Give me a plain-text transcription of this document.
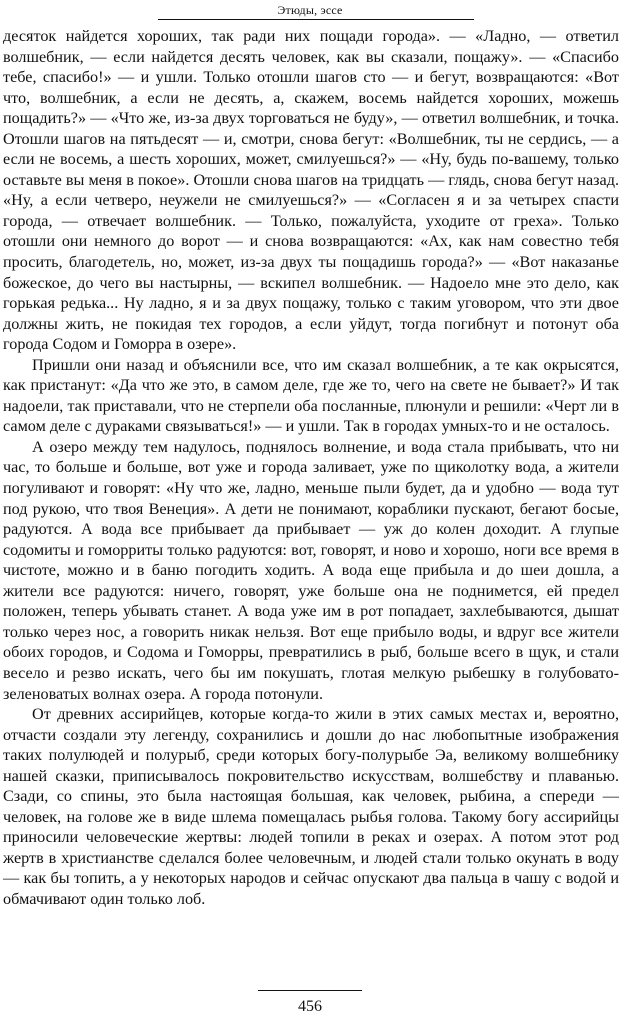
Этюды, эссе

десяток найдется хороших, так ради них пощади города». — «Ладно, — ответил волшебник, — если найдется десять человек, как вы сказали, пощажу». — «Спасибо тебе, спасибо!» — и ушли. Только отошли шагов сто — и бегут, возвращаются: «Вот что, волшебник, а если не десять, а, скажем, восемь найдется хороших, можешь пощадить?» — «Что же, из-за двух торговаться не буду», — ответил волшебник, и точка. Отошли шагов на пятьдесят — и, смотри, снова бегут: «Волшебник, ты не сердись, — а если не восемь, а шесть хороших, может, смилуешься?» — «Ну, будь по-вашему, только оставьте вы меня в покое». Отошли снова шагов на тридцать — глядь, снова бегут назад. «Ну, а если четверо, неужели не смилуешься?» — «Согласен я и за четырех спасти города, — отвечает волшебник. — Только, пожалуйста, уходите от греха». Только отошли они немного до ворот — и снова возвращаются: «Ах, как нам совестно тебя просить, благодетель, но, может, из-за двух ты пощадишь города?» — «Вот наказанье божеское, до чего вы настырны, — вскипел волшебник. — Надоело мне это дело, как горькая редька... Ну ладно, я и за двух пощажу, только с таким уговором, что эти двое должны жить, не покидая тех городов, а если уйдут, тогда погибнут и потонут оба города Содом и Гоморра в озере».

Пришли они назад и объяснили все, что им сказал волшебник, а те как окрысятся, как пристанут: «Да что же это, в самом деле, где же то, чего на свете не бывает?» И так надоели, так приставали, что не стерпели оба посланные, плюнули и решили: «Черт ли в самом деле с дураками связываться!» — и ушли. Так в городах умных-то и не осталось.

А озеро между тем надулось, поднялось волнение, и вода стала прибывать, что ни час, то больше и больше, вот уже и города заливает, уже по щиколотку вода, а жители погуливают и говорят: «Ну что же, ладно, меньше пыли будет, да и удобно — вода тут под рукою, что твоя Венеция». А дети не понимают, кораблики пускают, бегают босые, радуются. А вода все прибывает да прибывает — уж до колен доходит. А глупые содомиты и гоморриты только радуются: вот, говорят, и ново и хорошо, ноги все время в чистоте, можно и в баню погодить ходить. А вода еще прибыла и до шеи дошла, а жители все радуются: ничего, говорят, уже больше она не поднимется, ей предел положен, теперь убывать станет. А вода уже им в рот попадает, захлебываются, дышат только через нос, а говорить никак нельзя. Вот еще прибыло воды, и вдруг все жители обоих городов, и Содома и Гоморры, превратились в рыб, больше всего в щук, и стали весело и резво искать, чего бы им покушать, глотая мелкую рыбешку в голубовато-зеленоватых волнах озера. А города потонули.

От древних ассирийцев, которые когда-то жили в этих самых местах и, вероятно, отчасти создали эту легенду, сохранились и дошли до нас любопытные изображения таких полулюдей и полурыб, среди которых богу-полурыбе Эа, великому волшебнику нашей сказки, приписывалось покровительство искусствам, волшебству и плаванью. Сзади, со спины, это была настоящая большая, как человек, рыбина, а спереди — человек, на голове же в виде шлема помещалась рыбья голова. Такому богу ассирийцы приносили человеческие жертвы: людей топили в реках и озерах. А потом этот род жертв в христианстве сделался более человечным, и людей стали только окунать в воду — как бы топить, а у некоторых народов и сейчас опускают два пальца в чашу с водой и обмачивают один только лоб.

456
